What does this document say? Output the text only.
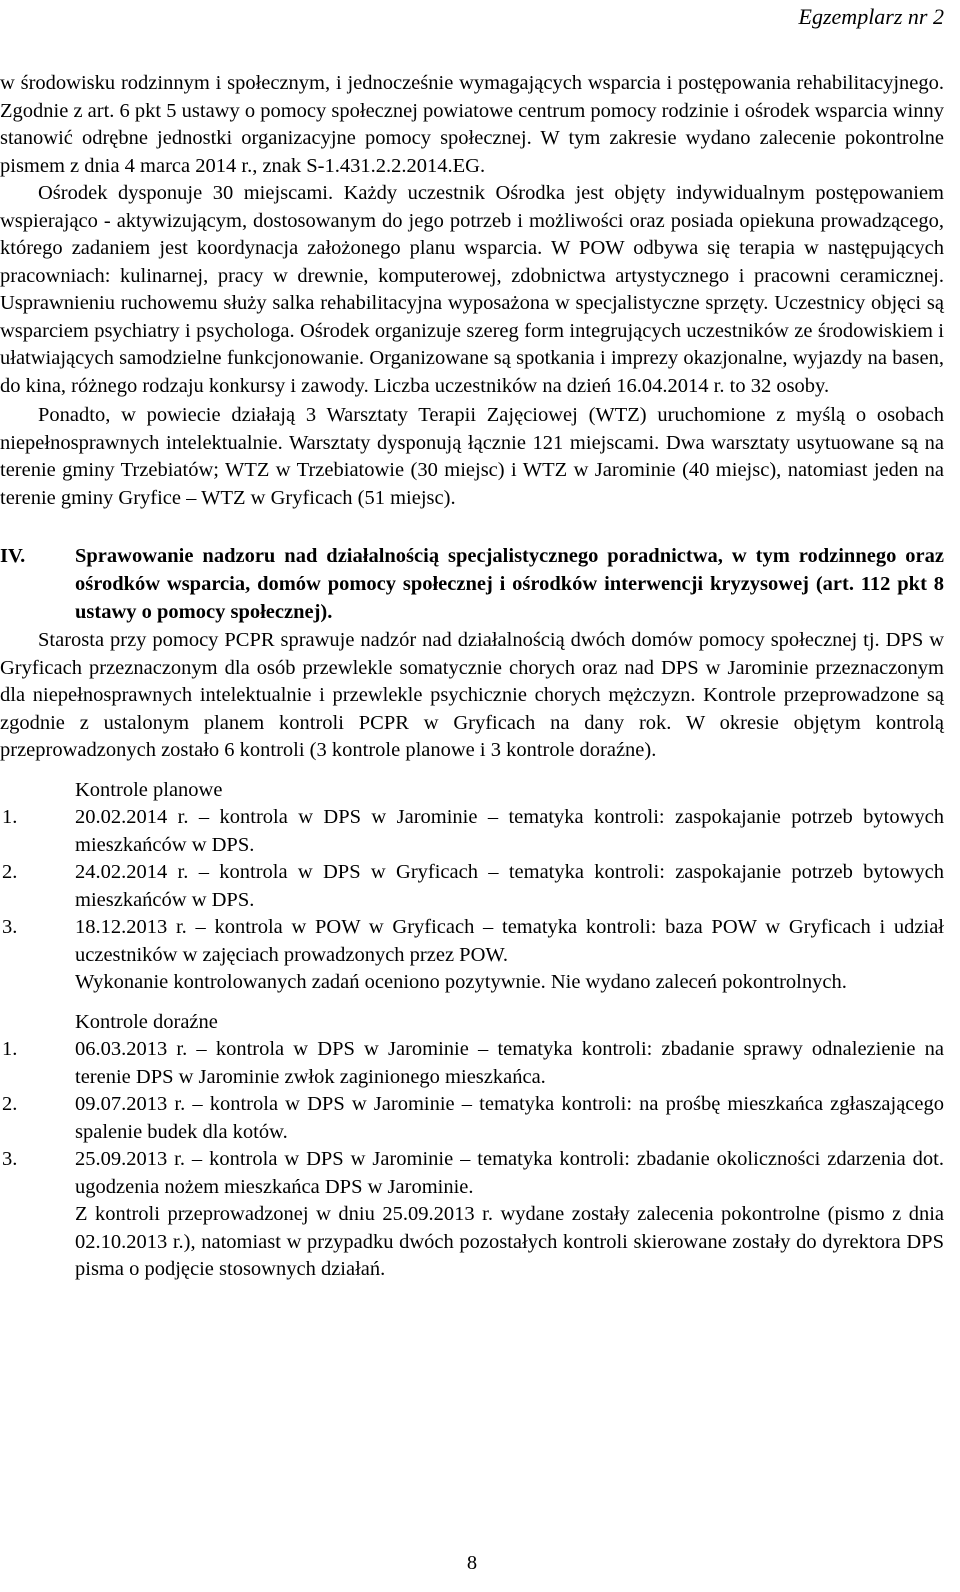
Egzemplarz nr 2

w środowisku rodzinnym i społecznym, i jednocześnie wymagających wsparcia i postępowania rehabilitacyjnego. Zgodnie z art. 6 pkt 5 ustawy o pomocy społecznej powiatowe centrum pomocy rodzinie i ośrodek wsparcia winny stanowić odrębne jednostki organizacyjne pomocy społecznej. W tym zakresie wydano zalecenie pokontrolne pismem z dnia 4 marca 2014 r., znak S-1.431.2.2.2014.EG.

Ośrodek dysponuje 30 miejscami. Każdy uczestnik Ośrodka jest objęty indywidualnym postępowaniem wspierająco - aktywizującym, dostosowanym do jego potrzeb i możliwości oraz posiada opiekuna prowadzącego, którego zadaniem jest koordynacja założonego planu wsparcia. W POW odbywa się terapia w następujących pracowniach: kulinarnej, pracy w drewnie, komputerowej, zdobnictwa artystycznego i pracowni ceramicznej. Usprawnieniu ruchowemu służy salka rehabilitacyjna wyposażona w specjalistyczne sprzęty. Uczestnicy objęci są wsparciem psychiatry i psychologa. Ośrodek organizuje szereg form integrujących uczestników ze środowiskiem i ułatwiających samodzielne funkcjonowanie. Organizowane są spotkania i imprezy okazjonalne, wyjazdy na basen, do kina, różnego rodzaju konkursy i zawody. Liczba uczestników na dzień 16.04.2014 r. to 32 osoby.

Ponadto, w powiecie działają 3 Warsztaty Terapii Zajęciowej (WTZ) uruchomione z myślą o osobach niepełnosprawnych intelektualnie. Warsztaty dysponują łącznie 121 miejscami. Dwa warsztaty usytuowane są na terenie gminy Trzebiatów; WTZ w Trzebiatowie (30 miejsc) i WTZ w Jarominie (40 miejsc), natomiast jeden na terenie gminy Gryfice – WTZ w Gryficach (51 miejsc).

IV.	Sprawowanie nadzoru nad działalnością specjalistycznego poradnictwa, w tym rodzinnego oraz ośrodków wsparcia, domów pomocy społecznej i ośrodków interwencji kryzysowej (art. 112 pkt 8 ustawy o pomocy społecznej).

Starosta przy pomocy PCPR sprawuje nadzór nad działalnością dwóch domów pomocy społecznej tj. DPS w Gryficach przeznaczonym dla osób przewlekle somatycznie chorych oraz nad DPS w Jarominie przeznaczonym dla niepełnosprawnych intelektualnie i przewlekle psychicznie chorych mężczyzn. Kontrole przeprowadzone są zgodnie z ustalonym planem kontroli PCPR w Gryficach na dany rok. W okresie objętym kontrolą przeprowadzonych zostało 6 kontroli (3 kontrole planowe i 3 kontrole doraźne).

Kontrole planowe
1.	20.02.2014 r. – kontrola w DPS w Jarominie – tematyka kontroli: zaspokajanie potrzeb bytowych mieszkańców w DPS.
2.	24.02.2014 r. – kontrola w DPS w Gryficach – tematyka kontroli: zaspokajanie potrzeb bytowych mieszkańców w DPS.
3.	18.12.2013 r. – kontrola w POW w Gryficach – tematyka kontroli: baza POW w Gryficach i udział uczestników w zajęciach prowadzonych przez POW.

Wykonanie kontrolowanych zadań oceniono pozytywnie. Nie wydano zaleceń pokontrolnych.

Kontrole doraźne
1.	06.03.2013 r. – kontrola w DPS w Jarominie – tematyka kontroli: zbadanie sprawy odnalezienie na terenie DPS w Jarominie zwłok zaginionego mieszkańca.
2.	09.07.2013 r. – kontrola w DPS w Jarominie – tematyka kontroli: na prośbę mieszkańca zgłaszającego spalenie budek dla kotów.
3.	25.09.2013 r. – kontrola w DPS w Jarominie – tematyka kontroli: zbadanie okoliczności zdarzenia dot. ugodzenia nożem mieszkańca DPS w Jarominie.

Z kontroli przeprowadzonej w dniu 25.09.2013 r. wydane zostały zalecenia pokontrolne (pismo z dnia 02.10.2013 r.), natomiast w przypadku dwóch pozostałych kontroli skierowane zostały do dyrektora DPS pisma o podjęcie stosownych działań.

8
